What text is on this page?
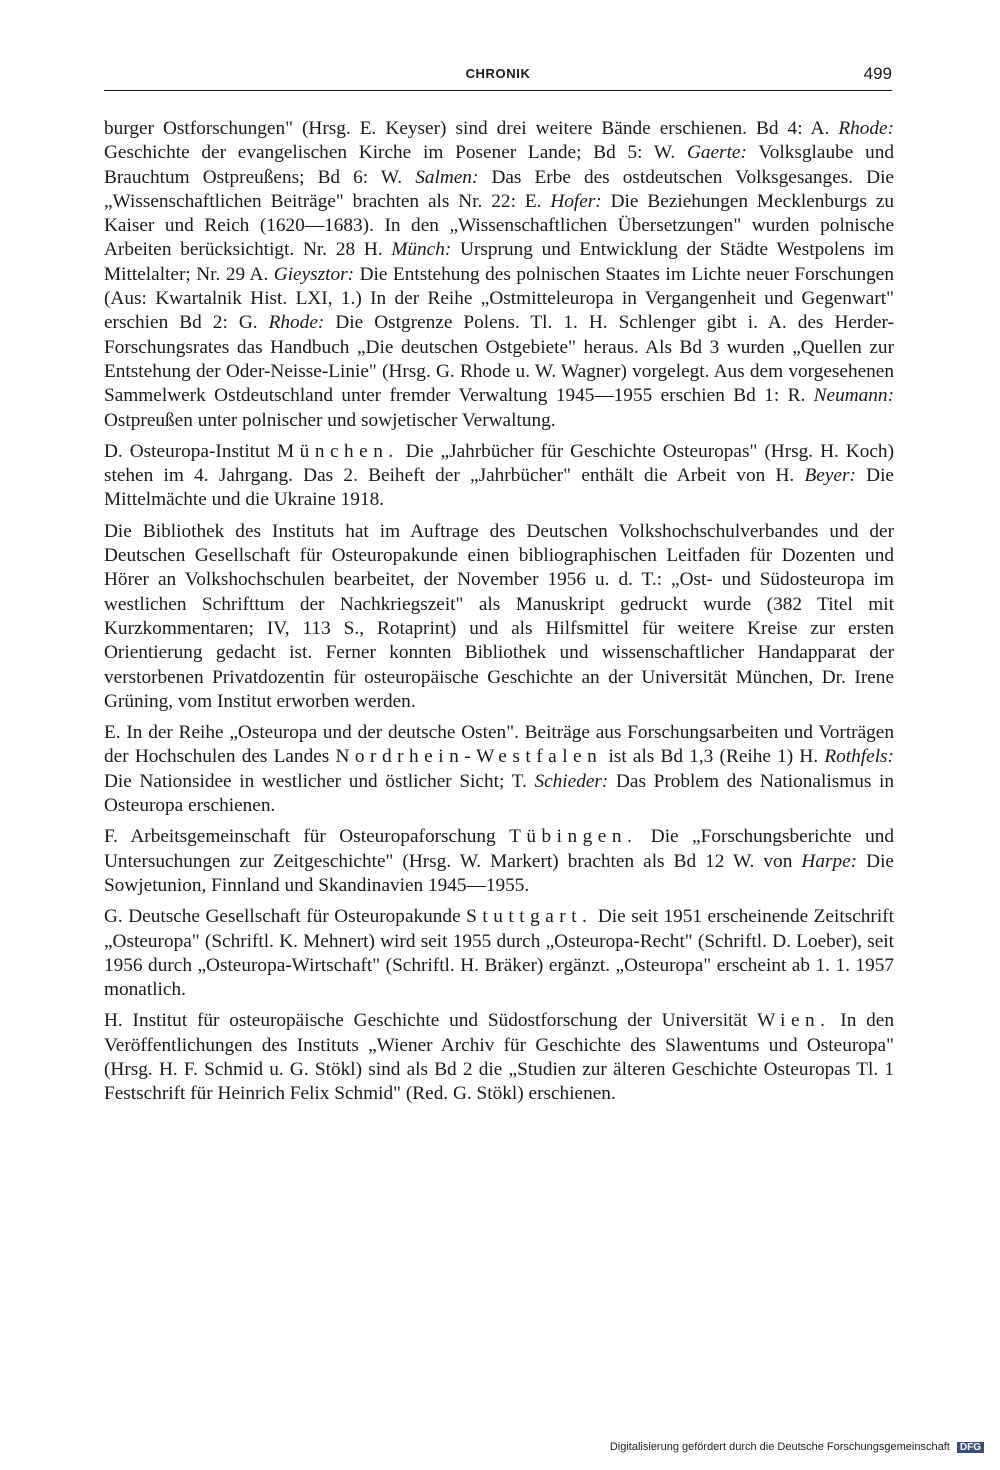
CHRONIK	499

burger Ostforschungen" (Hrsg. E. Keyser) sind drei weitere Bände erschienen. Bd 4: A. Rhode: Geschichte der evangelischen Kirche im Posener Lande; Bd 5: W. Gaerte: Volksglaube und Brauchtum Ostpreußens; Bd 6: W. Salmen: Das Erbe des ostdeutschen Volksgesanges. Die „Wissenschaftlichen Beiträge" brachten als Nr. 22: E. Hofer: Die Beziehungen Mecklenburgs zu Kaiser und Reich (1620—1683). In den „Wissenschaftlichen Übersetzungen" wurden polnische Arbeiten berücksichtigt. Nr. 28 H. Münch: Ursprung und Entwicklung der Städte Westpolens im Mittelalter; Nr. 29 A. Gieysztor: Die Entstehung des polnischen Staates im Lichte neuer Forschungen (Aus: Kwartalnik Hist. LXI, 1.) In der Reihe „Ostmitteleuropa in Vergangenheit und Gegenwart" erschien Bd 2: G. Rhode: Die Ostgrenze Polens. Tl. 1. H. Schlenger gibt i. A. des Herder-Forschungsrates das Handbuch „Die deutschen Ostgebiete" heraus. Als Bd 3 wurden „Quellen zur Entstehung der Oder-Neisse-Linie" (Hrsg. G. Rhode u. W. Wagner) vorgelegt. Aus dem vorgesehenen Sammelwerk Ostdeutschland unter fremder Verwaltung 1945—1955 erschien Bd 1: R. Neumann: Ostpreußen unter polnischer und sowjetischer Verwaltung.

D. Osteuropa-Institut München. Die „Jahrbücher für Geschichte Osteuropas" (Hrsg. H. Koch) stehen im 4. Jahrgang. Das 2. Beiheft der „Jahrbücher" enthält die Arbeit von H. Beyer: Die Mittelmächte und die Ukraine 1918.

Die Bibliothek des Instituts hat im Auftrage des Deutschen Volkshochschulverbandes und der Deutschen Gesellschaft für Osteuropakunde einen bibliographischen Leitfaden für Dozenten und Hörer an Volkshochschulen bearbeitet, der November 1956 u. d. T.: „Ost- und Südosteuropa im westlichen Schrifttum der Nachkriegszeit" als Manuskript gedruckt wurde (382 Titel mit Kurzkommentaren; IV, 113 S., Rotaprint) und als Hilfsmittel für weitere Kreise zur ersten Orientierung gedacht ist. Ferner konnten Bibliothek und wissenschaftlicher Handapparat der verstorbenen Privatdozentin für osteuropäische Geschichte an der Universität München, Dr. Irene Grüning, vom Institut erworben werden.

E. In der Reihe „Osteuropa und der deutsche Osten". Beiträge aus Forschungsarbeiten und Vorträgen der Hochschulen des Landes Nordrhein-Westfalen ist als Bd 1,3 (Reihe 1) H. Rothfels: Die Nationsidee in westlicher und östlicher Sicht; T. Schieder: Das Problem des Nationalismus in Osteuropa erschienen.

F. Arbeitsgemeinschaft für Osteuropaforschung Tübingen. Die „Forschungsberichte und Untersuchungen zur Zeitgeschichte" (Hrsg. W. Markert) brachten als Bd 12 W. von Harpe: Die Sowjetunion, Finnland und Skandinavien 1945—1955.

G. Deutsche Gesellschaft für Osteuropakunde Stuttgart. Die seit 1951 erscheinende Zeitschrift „Osteuropa" (Schriftl. K. Mehnert) wird seit 1955 durch „Osteuropa-Recht" (Schriftl. D. Loeber), seit 1956 durch „Osteuropa-Wirtschaft" (Schriftl. H. Bräker) ergänzt. „Osteuropa" erscheint ab 1. 1. 1957 monatlich.

H. Institut für osteuropäische Geschichte und Südostforschung der Universität Wien. In den Veröffentlichungen des Instituts „Wiener Archiv für Geschichte des Slawentums und Osteuropa" (Hrsg. H. F. Schmid u. G. Stökl) sind als Bd 2 die „Studien zur älteren Geschichte Osteuropas Tl. 1 Festschrift für Heinrich Felix Schmid" (Red. G. Stökl) erschienen.

Digitalisierung gefördert durch die Deutsche Forschungsgemeinschaft DFG
